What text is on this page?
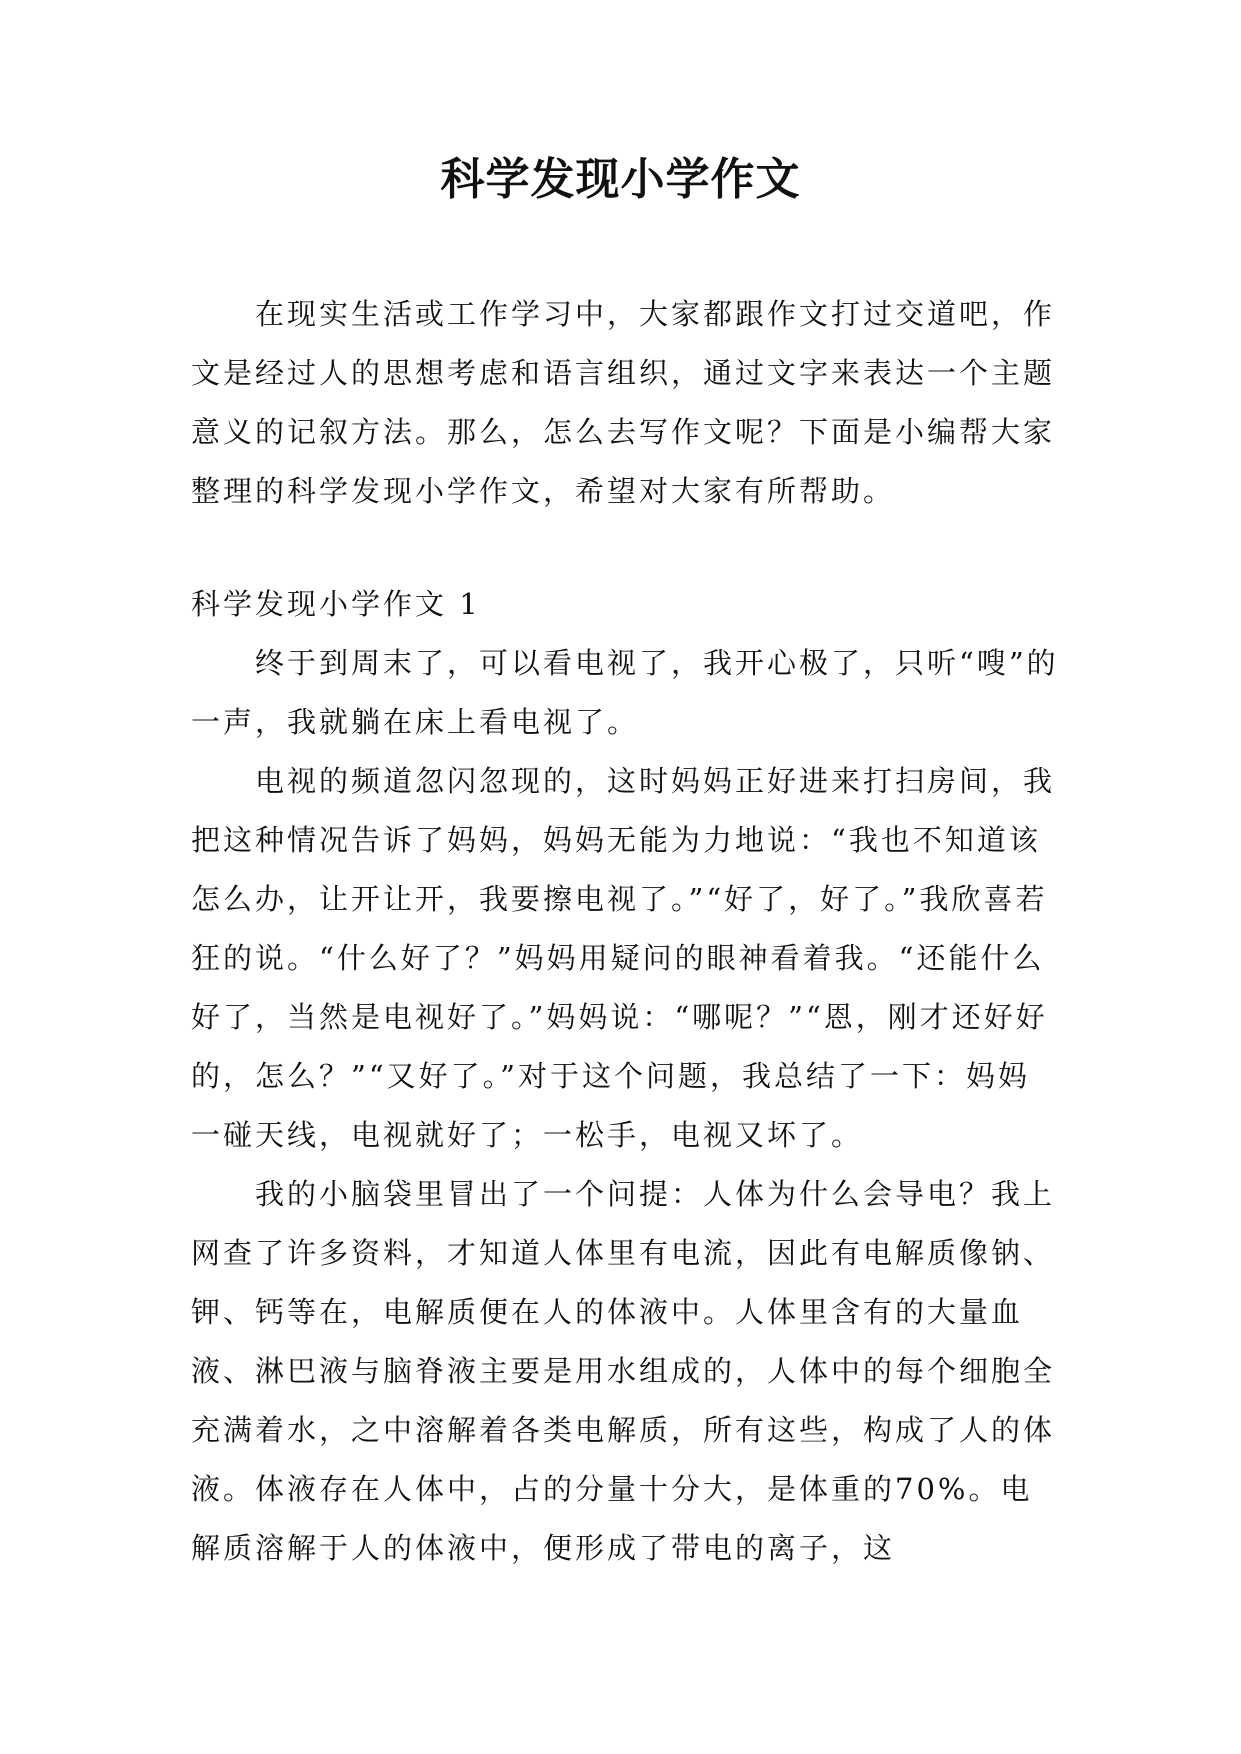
科学发现小学作文

在现实生活或工作学习中，大家都跟作文打过交道吧，作文是经过人的思想考虑和语言组织，通过文字来表达一个主题意义的记叙方法。那么，怎么去写作文呢？下面是小编帮大家整理的科学发现小学作文，希望对大家有所帮助。

科学发现小学作文 1

终于到周末了，可以看电视了，我开心极了，只听“嗖”的一声，我就躺在床上看电视了。

电视的频道忽闪忽现的，这时妈妈正好进来打扫房间，我把这种情况告诉了妈妈，妈妈无能为力地说：“我也不知道该怎么办，让开让开，我要擦电视了。”“好了，好了。”我欣喜若狂的说。“什么好了？”妈妈用疑问的眼神看着我。“还能什么好了，当然是电视好了。”妈妈说：“哪呢？”“恩，刚才还好好的，怎么？”“又好了。”对于这个问题，我总结了一下：妈妈一碰天线，电视就好了；一松手，电视又坏了。

我的小脑袋里冒出了一个问提：人体为什么会导电？我上网查了许多资料，才知道人体里有电流，因此有电解质像钠、钾、钙等在，电解质便在人的体液中。人体里含有的大量血液、淋巴液与脑脊液主要是用水组成的，人体中的每个细胞全充满着水，之中溶解着各类电解质，所有这些，构成了人的体液。体液存在人体中，占的分量十分大，是体重的70%。电解质溶解于人的体液中，便形成了带电的离子，这
